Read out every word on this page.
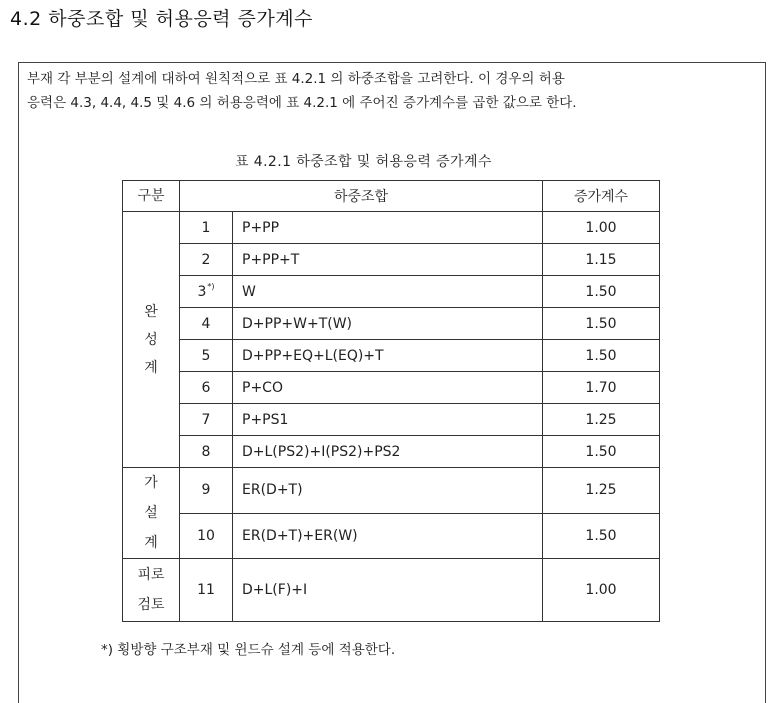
4.2 하중조합 및 허용응력 증가계수
부재 각 부분의 설계에 대하여 원칙적으로 표 4.2.1 의 하중조합을 고려한다. 이 경우의 허용
응력은 4.3, 4.4, 4.5 및 4.6 의 허용응력에 표 4.2.1 에 주어진 증가계수를 곱한 값으로 한다.
표 4.2.1 하중조합 및 허용응력 증가계수
구분	하중조합		증가계수

완
성
계	1	P+PP	1.00
	2	P+PP+T	1.15
	3*)	W	1.50
	4	D+PP+W+T(W)	1.50
	5	D+PP+EQ+L(EQ)+T	1.50
	6	P+CO	1.70
	7	P+PS1	1.25
	8	D+L(PS2)+I(PS2)+PS2	1.50

가
설
계	9	ER(D+T)	1.25
	10	ER(D+T)+ER(W)	1.50

피로
검토	11	D+L(F)+I	1.00
*) 횡방향 구조부재 및 윈드슈 설계 등에 적용한다.
